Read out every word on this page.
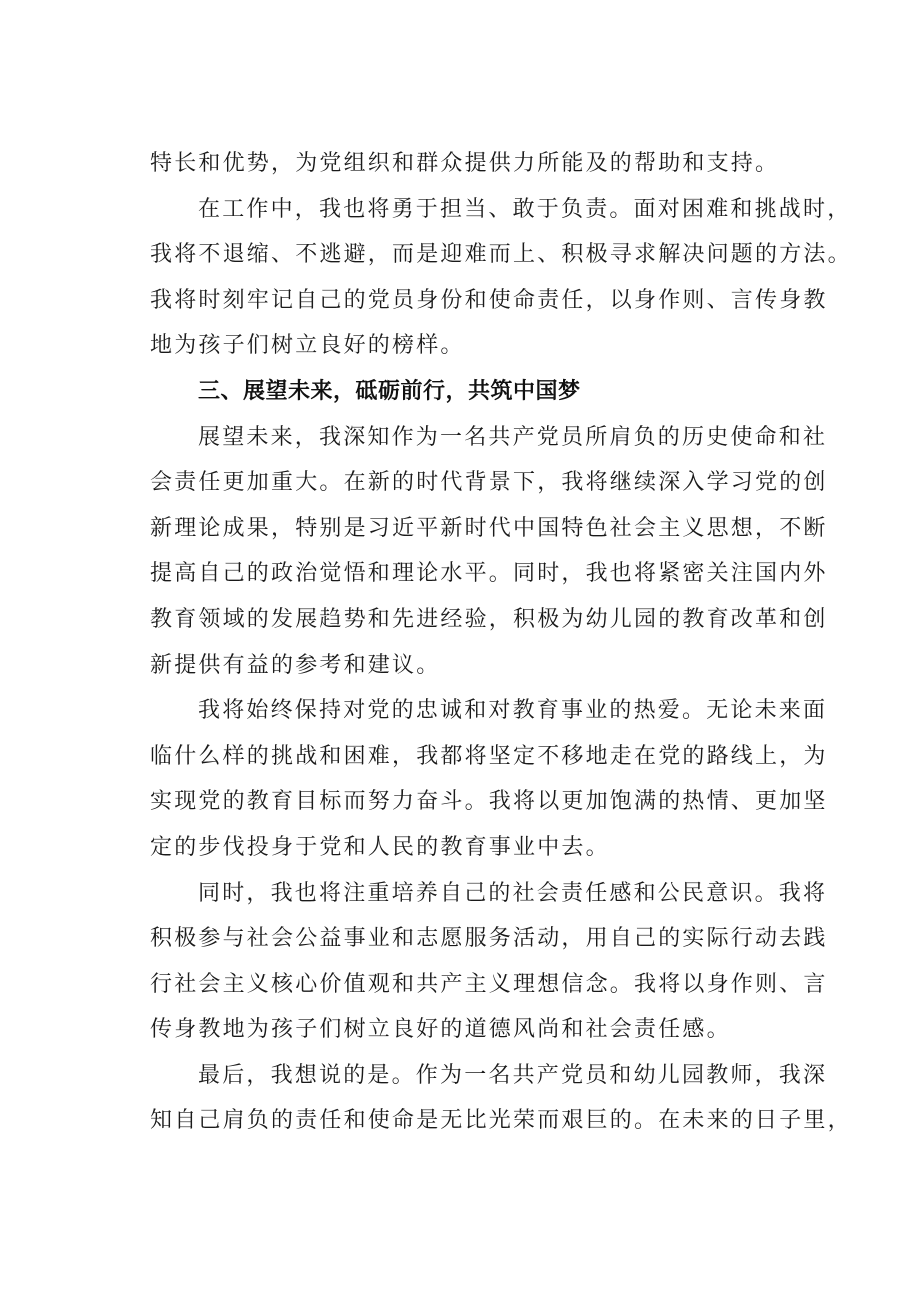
特长和优势，为党组织和群众提供力所能及的帮助和支持。
在工作中，我也将勇于担当、敢于负责。面对困难和挑战时，
我将不退缩、不逃避，而是迎难而上、积极寻求解决问题的方法。
我将时刻牢记自己的党员身份和使命责任，以身作则、言传身教
地为孩子们树立良好的榜样。
三、展望未来，砥砺前行，共筑中国梦
展望未来，我深知作为一名共产党员所肩负的历史使命和社
会责任更加重大。在新的时代背景下，我将继续深入学习党的创
新理论成果，特别是习近平新时代中国特色社会主义思想，不断
提高自己的政治觉悟和理论水平。同时，我也将紧密关注国内外
教育领域的发展趋势和先进经验，积极为幼儿园的教育改革和创
新提供有益的参考和建议。
我将始终保持对党的忠诚和对教育事业的热爱。无论未来面
临什么样的挑战和困难，我都将坚定不移地走在党的路线上，为
实现党的教育目标而努力奋斗。我将以更加饱满的热情、更加坚
定的步伐投身于党和人民的教育事业中去。
同时，我也将注重培养自己的社会责任感和公民意识。我将
积极参与社会公益事业和志愿服务活动，用自己的实际行动去践
行社会主义核心价值观和共产主义理想信念。我将以身作则、言
传身教地为孩子们树立良好的道德风尚和社会责任感。
最后，我想说的是。作为一名共产党员和幼儿园教师，我深
知自己肩负的责任和使命是无比光荣而艰巨的。在未来的日子里，
